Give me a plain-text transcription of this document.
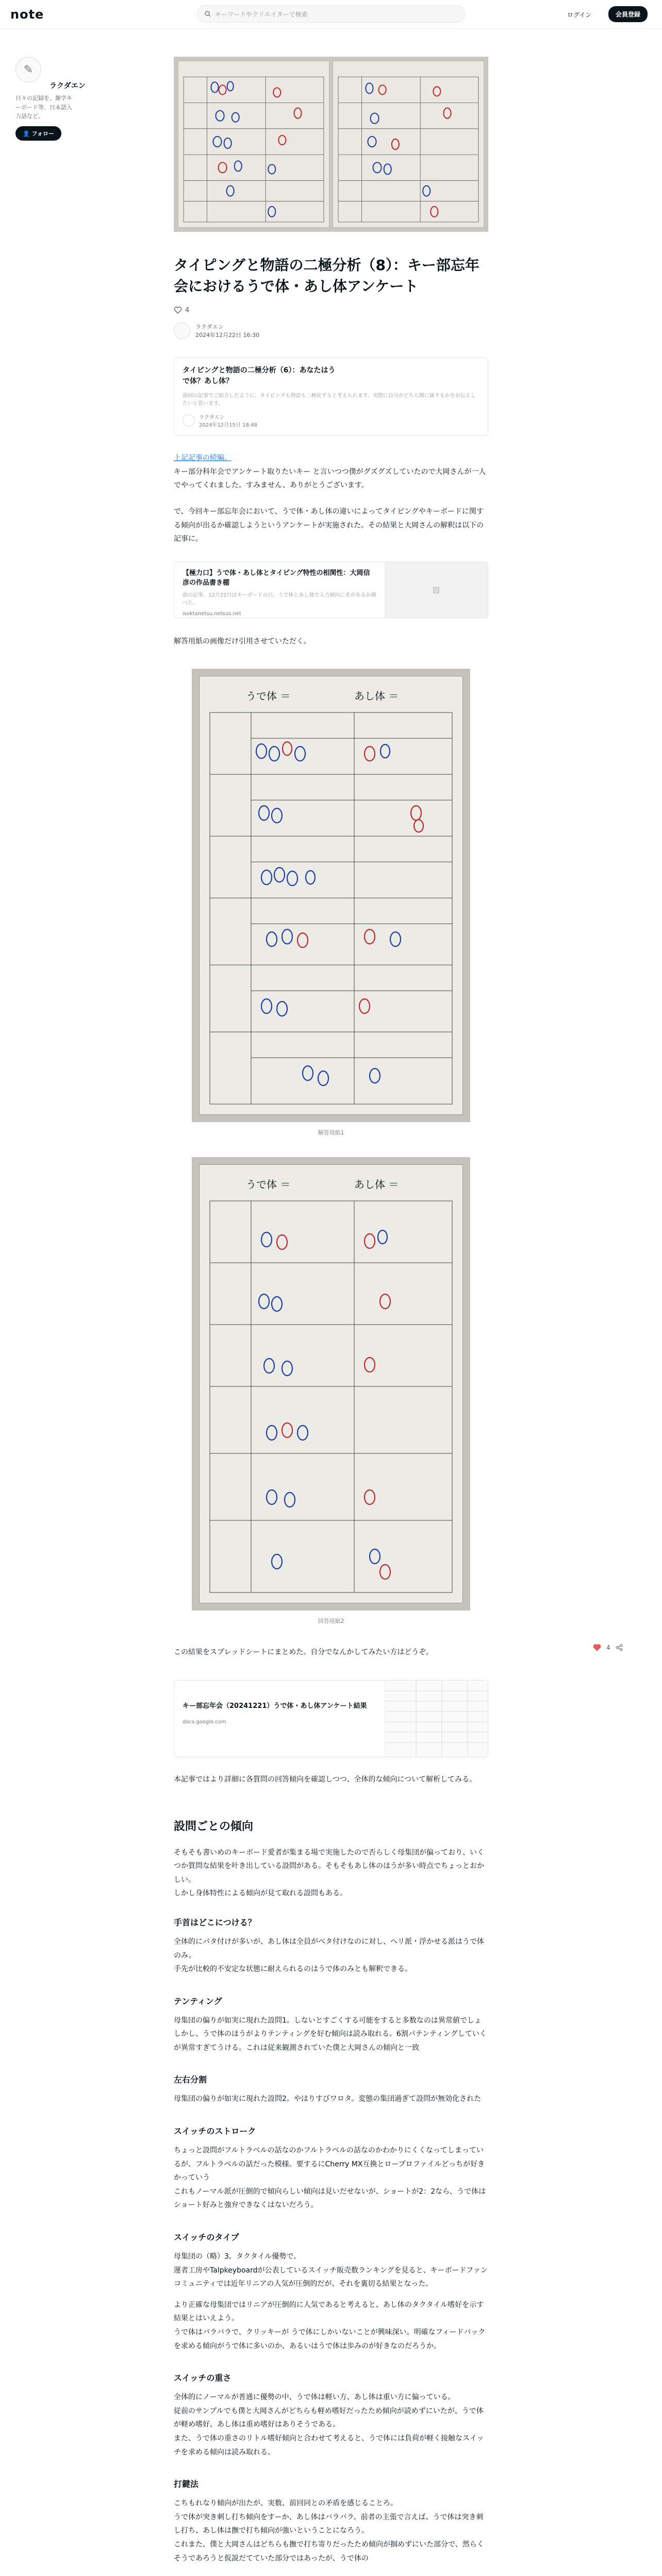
note	キーワードやクリエイターで検索	ログイン	会員登録
✎
ラクダエン
日々の記録を、雑学キーボード等、日本語入力話など。
👤 フォロー
タイピングと物語の二極分析（8）：キー部忘年会におけるうで体・あし体アンケート
4
ラクダエン
2024年12月22日 16:30
タイピングと物語の二極分析（6）：あなたはうで体？あし体？
前回の記事でご紹介したように、タイピングも物語も二極化すると考えられます。実際に自分がどちら側に属するかをお伝えしたいと思います。
ラクダエン
2024年12月15日 18:48

上記記事の続編。
キー部分科年会でアンケート取りたいキー と言いつつ僕がグズグズしていたので大岡さんが一人でやってくれました。すみません、ありがとうございます。

で、今回キー部忘年会において、うで体・あし体の違いによってタイピングやキーボードに関する傾向が出るか確認しようというアンケートが実施された。その結果と大岡さんの解釈は以下の記事に。

【極力口】うで体・あし体とタイピング特性の相関性：大岡信彦の作品書き棚
前の記事、12月22日はキーボードの日。うで体とあし体で入力傾向に差があるか調べた。
isoktanetsu.netsus.net
▨

解答用紙の画像だけ引用させていただく。

うで体 ＝	あし体 ＝
解答用紙1
うで体 ＝	あし体 ＝
回答用紙2

この結果をスプレッドシートにまとめた。自分でなんかしてみたい方はどうぞ。

キー部忘年会（20241221）うで体・あし体アンケート結果
docs.google.com

本記事ではより詳細に各質問の回答傾向を確認しつつ、全体的な傾向について解析してみる。

設問ごとの傾向

そもそも書いめのキーボード愛者が集まる場で実施したので否らしく母集団が偏っており、いくつか質問な結果を叶き出している設問がある。そもそもあし体のほうが多い時点でちょっとおかしい。

しかし身体特性による傾向が見て取れる設問もある。

手首はどこにつける？

全体的にパタ付けが多いが、あし体は全員がベタ付けなのに対し、ヘリ派・浮かせる派はうで体のみ。

手先が比較的不安定な状態に耐えられるのはうで体のみとも解釈できる。

テンティング

母集団の偏りが如実に現れた設問1。しないとすごくする可能をすると多数なのは異常値でしょ

しかし、うで体のほうがよりテンティングを好む傾向は読み取れる。6割パテンティングしていくが異常すぎてうける。これは従来観測されていた僕と大岡さんの傾向と一致

左右分割

母集団の偏りが如実に現れた設問2。やはりすびワロタ。変態の集団過ぎて設問が無効化された

スイッチのストローク

ちょっと設問がフルトラベルの話なのかフルトラベルの話なのかわかりにくくなってしまっているが、フルトラベルの話だった模様。要するにCherry MX互換とロープロファイルどっちが好きかっていう

これもノーマル派が圧倒的で傾向らしい傾向は見いだせないが、ショートが2：2なら、うで体はショート好みと強弁できなくはないだろう。

スイッチのタイプ

母集団の（略）3。タクタイル優勢で。

運者工房やTalpkeyboardが公表しているスイッチ販売数ランキングを見ると、キーボードファンコミュニティでは近年リニアの人気が圧倒的だが、それを裏切る結果となった。

より正確な母集団ではリニアが圧倒的に人気であると考えると、あし体のタクタイル嗜好を示す結果とはいえよう。

うで体はバラバラで、クリッキーが うで体にしかいないことが興味深い。明確なフィードバックを求める傾向がうで体に多いのか、あるいはうで体は歩みのが好きなのだろうか。

スイッチの重さ

全体的にノーマルが普通に優勢の中、うで体は軽い方、あし体は重い方に偏っている。

従前のサンプルでも僕と大岡さんがどちらも軽め嗜好だったため傾向が読めずにいたが、うで体が軽め嗜好、あし体は重め嗜好はありそうである。

また、うで体の重さのリトル嗜好傾向と合わせて考えると、うで体には負荷が軽く接触なスイッチを求める傾向は読み取れる。

打鍵法

こちもれなり傾向が出たが、実数、前回同との矛盾を感じることろ。

うで体が突き刺し打ち傾向をすーか、あし体はバラバラ。前者の主張で言えば、うで体は突き刺し打ち、あし体は撫で打ち傾向が強いということになろう。

これまた、僕と大岡さんはどちらも撫で打ち寄りだったため傾向が掴めずにいた部分で、然らくそうであろうと仮説だてていた部分ではあったが、うで体の

4
